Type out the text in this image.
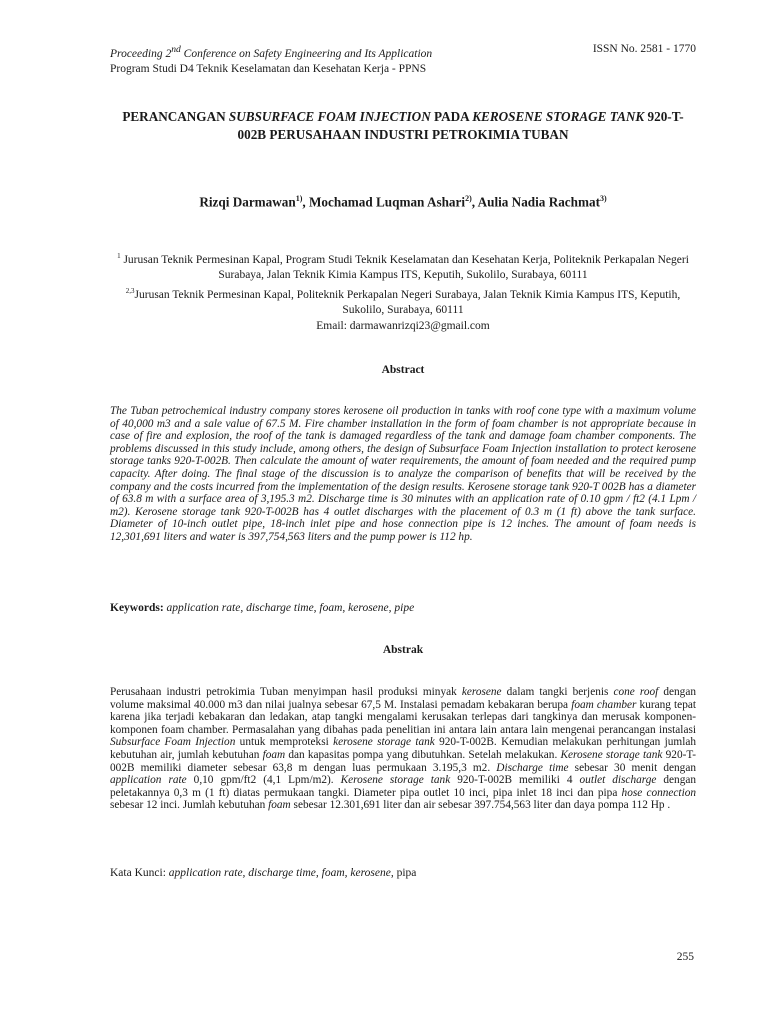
Proceeding 2nd Conference on Safety Engineering and Its Application	ISSN No. 2581 - 1770
Program Studi D4 Teknik Keselamatan dan Kesehatan Kerja - PPNS
PERANCANGAN SUBSURFACE FOAM INJECTION PADA KEROSENE STORAGE TANK 920-T-002B PERUSAHAAN INDUSTRI PETROKIMIA TUBAN
Rizqi Darmawan$^{1)}$, Mochamad Luqman Ashari$^{2)}$, Aulia Nadia Rachmat$^{3)}$
$^1$ Jurusan Teknik Permesinan Kapal, Program Studi Teknik Keselamatan dan Kesehatan Kerja, Politeknik Perkapalan Negeri Surabaya, Jalan Teknik Kimia Kampus ITS, Keputih, Sukolilo, Surabaya, 60111
$^{2,3}$Jurusan Teknik Permesinan Kapal, Politeknik Perkapalan Negeri Surabaya, Jalan Teknik Kimia Kampus ITS, Keputih, Sukolilo, Surabaya, 60111
Email: darmawanrizqi23@gmail.com
Abstract
The Tuban petrochemical industry company stores kerosene oil production in tanks with roof cone type with a maximum volume of 40,000 m3 and a sale value of 67.5 M. Fire chamber installation in the form of foam chamber is not appropriate because in case of fire and explosion, the roof of the tank is damaged regardless of the tank and damage foam chamber components. The problems discussed in this study include, among others, the design of Subsurface Foam Injection installation to protect kerosene storage tanks 920-T-002B. Then calculate the amount of water requirements, the amount of foam needed and the required pump capacity. After doing. The final stage of the discussion is to analyze the comparison of benefits that will be received by the company and the costs incurred from the implementation of the design results. Kerosene storage tank 920-T 002B has a diameter of 63.8 m with a surface area of 3,195.3 m2. Discharge time is 30 minutes with an application rate of 0.10 gpm / ft2 (4.1 Lpm / m2). Kerosene storage tank 920-T-002B has 4 outlet discharges with the placement of 0.3 m (1 ft) above the tank surface. Diameter of 10-inch outlet pipe, 18-inch inlet pipe and hose connection pipe is 12 inches. The amount of foam needs is 12,301,691 liters and water is 397,754,563 liters and the pump power is 112 hp.
Keywords: application rate, discharge time, foam, kerosene, pipe
Abstrak
Perusahaan industri petrokimia Tuban menyimpan hasil produksi minyak kerosene dalam tangki berjenis cone roof dengan volume maksimal 40.000 m3 dan nilai jualnya sebesar 67,5 M. Instalasi pemadam kebakaran berupa foam chamber kurang tepat karena jika terjadi kebakaran dan ledakan, atap tangki mengalami kerusakan terlepas dari tangkinya dan merusak komponen-komponen foam chamber. Permasalahan yang dibahas pada penelitian ini antara lain antara lain mengenai perancangan instalasi Subsurface Foam Injection untuk memproteksi kerosene storage tank 920-T-002B. Kemudian melakukan perhitungan jumlah kebutuhan air, jumlah kebutuhan foam dan kapasitas pompa yang dibutuhkan. Setelah melakukan. Kerosene storage tank 920-T-002B memiliki diameter sebesar 63,8 m dengan luas permukaan 3.195,3 m2. Discharge time sebesar 30 menit dengan application rate 0,10 gpm/ft2 (4,1 Lpm/m2). Kerosene storage tank 920-T-002B memiliki 4 outlet discharge dengan peletakannya 0,3 m (1 ft) diatas permukaan tangki. Diameter pipa outlet 10 inci, pipa inlet 18 inci dan pipa hose connection sebesar 12 inci. Jumlah kebutuhan foam sebesar 12.301,691 liter dan air sebesar 397.754,563 liter dan daya pompa 112 Hp .
Kata Kunci: application rate, discharge time, foam, kerosene, pipa
255
